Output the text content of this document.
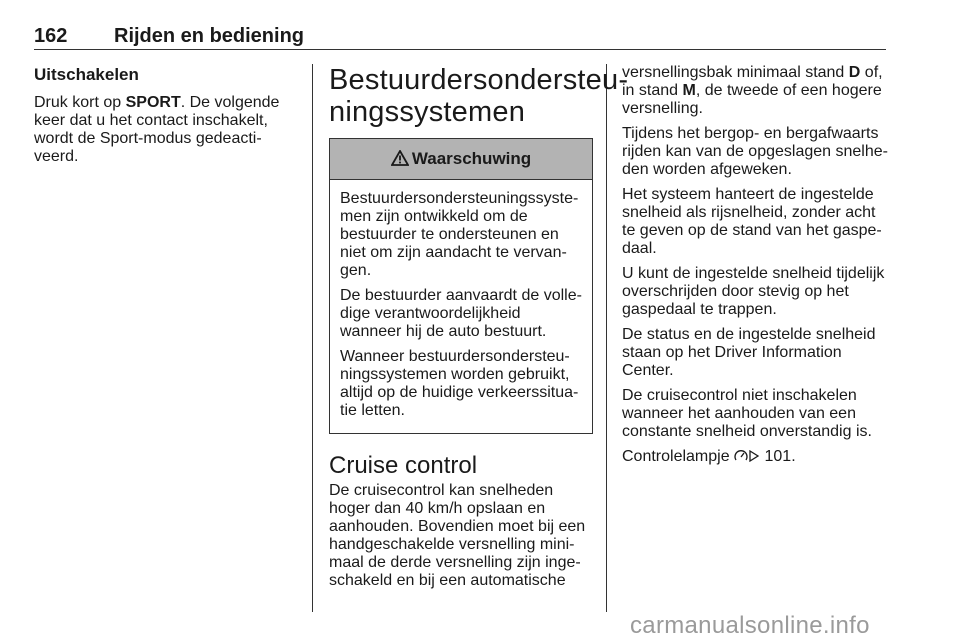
162 Rijden en bediening
Uitschakelen

Druk kort op SPORT. De volgende
keer dat u het contact inschakelt,
wordt de Sport-modus gedeacti-
veerd.

Bestuurdersondersteu-
ningssystemen
Waarschuwing

Bestuurdersondersteuningssyste-
men zijn ontwikkeld om de
bestuurder te ondersteunen en
niet om zijn aandacht te vervan-
gen.

De bestuurder aanvaardt de volle-
dige verantwoordelijkheid
wanneer hij de auto bestuurt.

Wanneer bestuurdersondersteu-
ningssystemen worden gebruikt,
altijd op de huidige verkeerssitua-
tie letten.

Cruise control

De cruisecontrol kan snelheden
hoger dan 40 km/h opslaan en
aanhouden. Bovendien moet bij een
handgeschakelde versnelling mini-
maal de derde versnelling zijn inge-
schakeld en bij een automatische

versnellingsbak minimaal stand D of,
in stand M, de tweede of een hogere
versnelling.

Tijdens het bergop- en bergafwaarts
rijden kan van de opgeslagen snelhe-
den worden afgeweken.

Het systeem hanteert de ingestelde
snelheid als rijsnelheid, zonder acht
te geven op de stand van het gaspe-
daal.

U kunt de ingestelde snelheid tijdelijk
overschrijden door stevig op het
gaspedaal te trappen.

De status en de ingestelde snelheid
staan op het Driver Information
Center.

De cruisecontrol niet inschakelen
wanneer het aanhouden van een
constante snelheid onverstandig is.

Controlelampje  101.

carmanualsonline.info
